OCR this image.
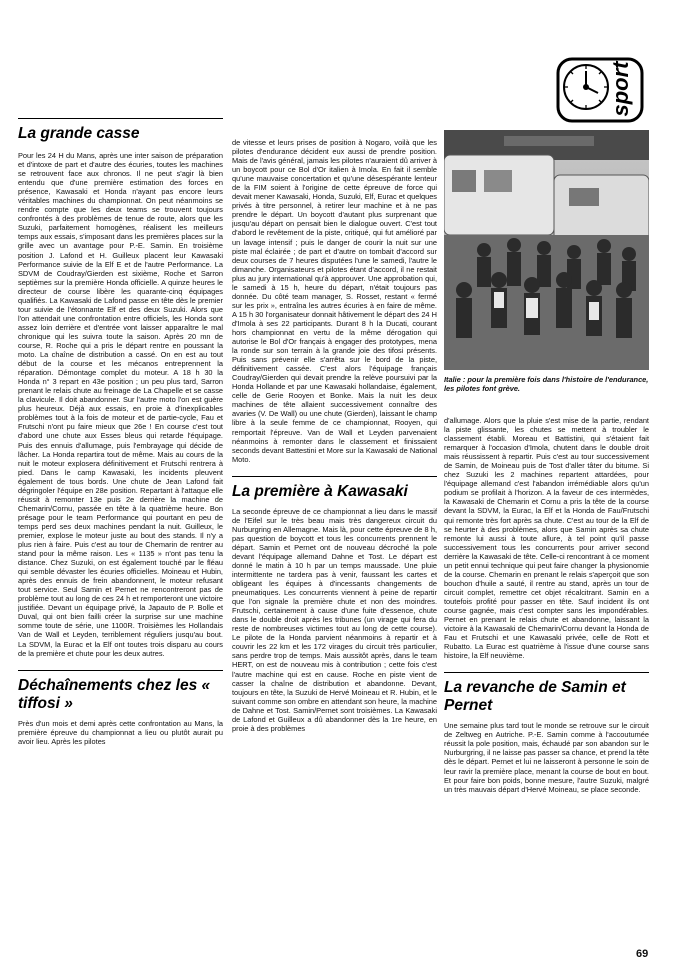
sport
La grande casse

Pour les 24 H du Mans, après une inter saison de préparation et d'intoxe de part et d'autre des écuries, toutes les machines se retrouvent face aux chronos. Il ne peut s'agir là bien entendu que d'une première estimation des forces en présence, Kawasaki et Honda n'ayant pas encore leurs véritables machines du championnat. On peut néanmoins se rendre compte que les deux teams se trouvent toujours confrontés à des problèmes de tenue de route, alors que les Suzuki, parfaitement homogènes, réalisent les meilleurs temps aux essais, s'imposant dans les premières places sur la grille avec un avantage pour P.-E. Samin. En troisième position J. Lafond et H. Guilleux placent leur Kawasaki Performance suivie de la Elf E et de l'autre Performance. La SDVM de Coudray/Gierden est sixième, Roche et Sarron septièmes sur la première Honda officielle. A quinze heures le directeur de course libère les quarante-cinq équipages qualifiés. La Kawasaki de Lafond passe en tête dès le premier tour suivie de l'étonnante Elf et des deux Suzuki. Alors que l'on attendait une confrontation entre officiels, les Honda sont assez loin derrière et d'entrée vont laisser apparaître le mal chronique qui les suivra toute la saison. Après 20 mn de course, R. Roche qui a pris le départ rentre en poussant la moto. La chaîne de distribution a cassé. On en est au tout début de la course et les mécanos entreprennent la réparation. Démontage complet du moteur. A 18 h 30 la Honda n° 3 repart en 43e position ; un peu plus tard, Sarron prenant le relais chute au freinage de La Chapelle et se casse la clavicule. Il doit abandonner. Sur l'autre moto l'on est guère plus heureux. Déjà aux essais, en proie à d'inexplicables problèmes tout à la fois de moteur et de partie-cycle, Fau et Frutschi n'ont pu faire mieux que 26e ! En course c'est tout d'abord une chute aux Esses bleus qui retarde l'équipage. Puis des ennuis d'allumage, puis l'embrayage qui décide de lâcher. La Honda repartira tout de même. Mais au cours de la nuit le moteur explosera définitivement et Frutschi rentrera à pied. Dans le camp Kawasaki, les incidents pleuvent également de tous bords. Une chute de Jean Lafond fait dégringoler l'équipe en 28e position. Repartant à l'attaque elle réussit à remonter 13e puis 2e derrière la machine de Chemarin/Cornu, passée en tête à la quatrième heure. Bon présage pour le team Performance qui pourtant en peu de temps perd ses deux machines pendant la nuit. Guilleux, le premier, explose le moteur juste au bout des stands. Il n'y a plus rien à faire. Puis c'est au tour de Chemarin de rentrer au stand pour la même raison. Les « 1135 » n'ont pas tenu la distance. Chez Suzuki, on est également touché par le fléau qui semble dévaster les écuries officielles. Moineau et Hubin, après des ennuis de frein abandonnent, le moteur refusant tout service. Seul Samin et Pernet ne rencontreront pas de problème tout au long de ces 24 h et remporteront une victoire justifiée. Devant un équipage privé, la Japauto de P. Bolle et Duval, qui ont bien failli créer la surprise sur une machine somme toute de série, une 1100R. Troisièmes les Hollandais Van de Wall et Leyden, terriblement réguliers jusqu'au bout. La SDVM, la Eurac et la Elf ont toutes trois disparu au cours de la première et chute pour les deux autres.

Déchaînements chez les « tiffosi »

Près d'un mois et demi après cette confrontation au Mans, la première épreuve du championnat a lieu ou plutôt aurait pu avoir lieu. Après les pilotes

de vitesse et leurs prises de position à Nogaro, voilà que les pilotes d'endurance décident eux aussi de prendre position. Mais de l'avis général, jamais les pilotes n'auraient dû arriver à un boycott pour ce Bol d'Or italien à Imola. En fait il semble qu'une mauvaise concertation et qu'une désespérante lenteur de la FIM soient à l'origine de cette épreuve de force qui devait mener Kawasaki, Honda, Suzuki, Elf, Eurac et quelques privés à titre personnel, à retirer leur machine et à ne pas prendre le départ. Un boycott d'autant plus surprenant que jusqu'au départ on pensait bien le dialogue ouvert. C'est tout d'abord le revêtement de la piste, critiqué, qui fut amélioré par un lavage intensif ; puis le danger de courir la nuit sur une piste mal éclairée ; de part et d'autre on tombait d'accord sur deux courses de 7 heures disputées l'une le samedi, l'autre le dimanche. Organisateurs et pilotes étant d'accord, il ne restait plus au jury international qu'à approuver. Une approbation qui, le samedi à 15 h, heure du départ, n'était toujours pas donnée. Du côté team manager, S. Rosset, restant « fermé sur les prix », entraîna les autres écuries à en faire de même. A 15 h 30 l'organisateur donnait hâtivement le départ des 24 H d'Imola à ses 22 participants. Durant 8 h la Ducati, courant hors championnat en vertu de la même dérogation qui autorise le Bol d'Or français à engager des prototypes, mena la ronde sur son terrain à la grande joie des tifosi présents. Puis sans prévenir elle s'arrêta sur le bord de la piste, définitivement cassée. C'est alors l'équipage français Coudray/Gierden qui devait prendre la relève poursuivi par la Honda Hollande et par une Kawasaki hollandaise, également, celle de Gerie Rooyen et Bonke. Mais la nuit les deux machines de tête allaient successivement connaître des avaries (V. De Wall) ou une chute (Gierden), laissant le champ libre à la seule femme de ce championnat, Rooyen, qui remportait l'épreuve. Van de Wall et Leyden parvenaient néanmoins à remonter dans le classement et finissaient seconds devant Battestini et More sur la Kawasaki de National Moto.

La première à Kawasaki

La seconde épreuve de ce championnat a lieu dans le massif de l'Eifel sur le très beau mais très dangereux circuit du Nurburgring en Allemagne. Mais là, pour cette épreuve de 8 h, pas question de boycott et tous les concurrents prennent le départ. Samin et Pernet ont de nouveau décroché la pole devant l'équipage allemand Dahne et Tost. Le départ est donné le matin à 10 h par un temps maussade. Une pluie intermittente ne tardera pas à venir, faussant les cartes et obligeant les équipes à d'incessants changements de pneumatiques. Les concurrents viennent à peine de repartir que l'on signale la première chute et non des moindres. Frutschi, certainement à cause d'une fuite d'essence, chute dans le double droit après les tribunes (un virage qui fera du reste de nombreuses victimes tout au long de cette course). Le pilote de la Honda parvient néanmoins à repartir et à couvrir les 22 km et les 172 virages du circuit très particulier, sans perdre trop de temps. Mais aussitôt après, dans le team HERT, on est de nouveau mis à contribution ; cette fois c'est l'autre machine qui est en cause. Roche en piste vient de casser la chaîne de distribution et abandonne. Devant, toujours en tête, la Suzuki de Hervé Moineau et R. Hubin, et le suivant comme son ombre en attendant son heure, la machine de Dahne et Tost. Samin/Pernet sont troisièmes. La Kawasaki de Lafond et Guilleux a dû abandonner dès la 1re heure, en proie à des problèmes

Italie : pour la première fois dans l'histoire de l'endurance, les pilotes font grève.

d'allumage. Alors que la pluie s'est mise de la partie, rendant la piste glissante, les chutes se mettent à troubler le classement établi. Moreau et Battistini, qui s'étaient fait remarquer à l'occasion d'Imola, chutent dans le double droit mais réussissent à repartir. Puis c'est au tour successivement de Samin, de Moineau puis de Tost d'aller tâter du bitume. Si chez Suzuki les 2 machines repartent attardées, pour l'équipage allemand c'est l'abandon irrémédiable alors qu'un podium se profilait à l'horizon. A la faveur de ces intermèdes, la Kawasaki de Chemarin et Cornu a pris la tête de la course devant la SDVM, la Eurac, la Elf et la Honda de Fau/Frutschi qui remonte très fort après sa chute. C'est au tour de la Elf de se heurter à des problèmes, alors que Samin après sa chute remonte lui aussi à toute allure, à tel point qu'il passe successivement tous les concurrents pour arriver second derrière la Kawasaki de tête. Celle-ci rencontrant à ce moment un petit ennui technique qui peut faire changer la physionomie de la course. Chemarin en prenant le relais s'aperçoit que son bouchon d'huile a sauté, il rentre au stand, après un tour de circuit complet, remettre cet objet récalcitrant. Samin en a toutefois profité pour passer en tête. Sauf incident ils ont course gagnée, mais c'est compter sans les impondérables. Pernet en prenant le relais chute et abandonne, laissant la victoire à la Kawasaki de Chemarin/Cornu devant la Honda de Fau et Frutschi et une Kawasaki privée, celle de Rott et Rubatto. La Eurac est quatrième à l'issue d'une course sans histoire, la Elf neuvième.

La revanche de Samin et Pernet

Une semaine plus tard tout le monde se retrouve sur le circuit de Zeltweg en Autriche. P.-E. Samin comme à l'accoutumée réussit la pole position, mais, échaudé par son abandon sur le Nurburgring, il ne laisse pas passer sa chance, et prend la tête dès le départ. Pernet et lui ne laisseront à personne le soin de leur ravir la première place, menant la course de bout en bout. Et pour faire bon poids, bonne mesure, l'autre Suzuki, malgré un très mauvais départ d'Hervé Moineau, se place seconde.

69
